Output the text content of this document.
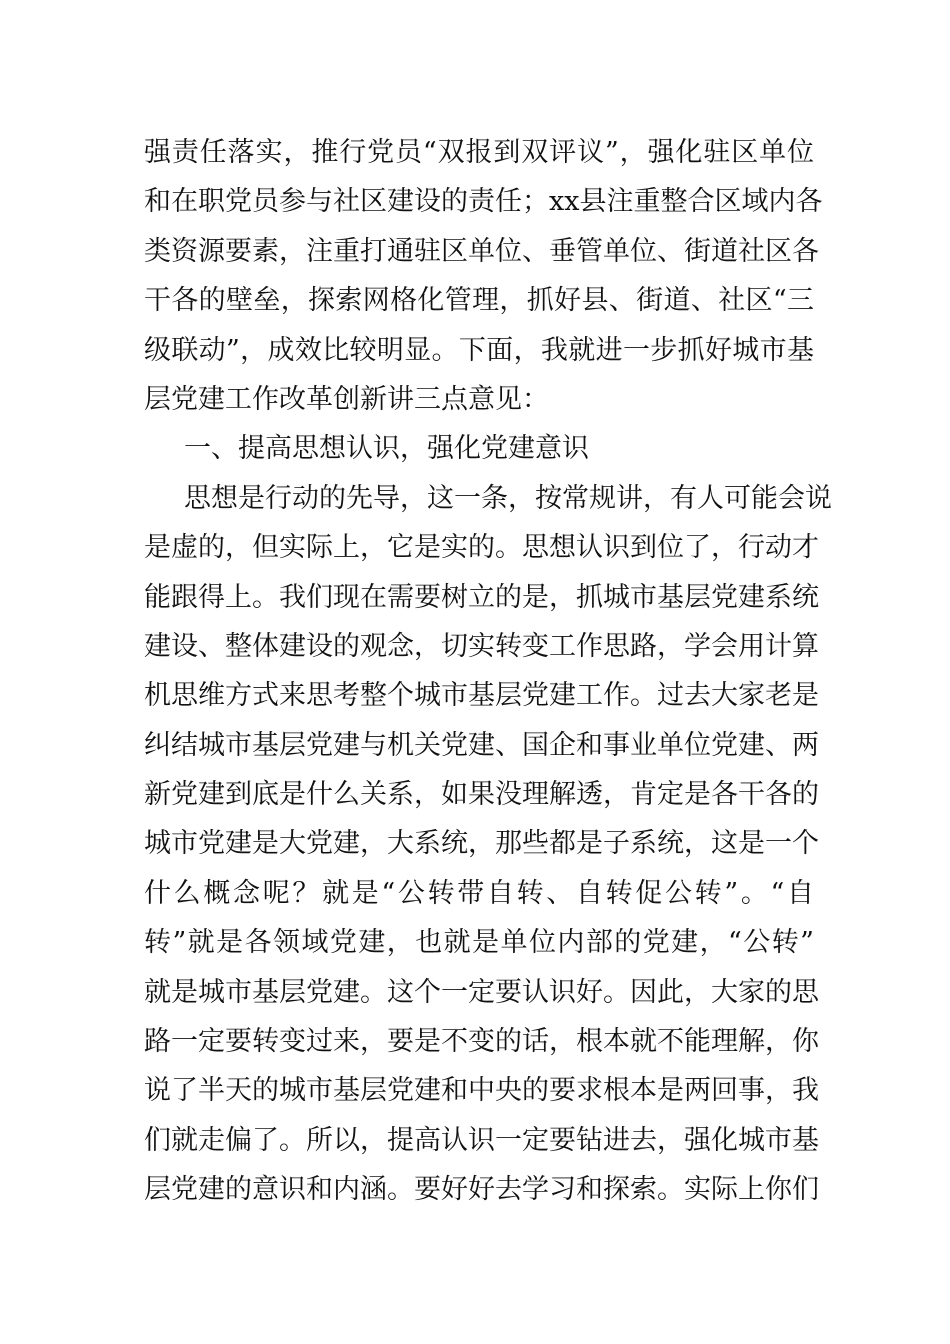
强责任落实，推行党员“双报到双评议”，强化驻区单位
和在职党员参与社区建设的责任；xx县注重整合区域内各
类资源要素，注重打通驻区单位、垂管单位、街道社区各
干各的壁垒，探索网格化管理，抓好县、街道、社区“三
级联动”，成效比较明显。下面，我就进一步抓好城市基
层党建工作改革创新讲三点意见：
一、提高思想认识，强化党建意识
思想是行动的先导，这一条，按常规讲，有人可能会说
是虚的，但实际上，它是实的。思想认识到位了，行动才
能跟得上。我们现在需要树立的是，抓城市基层党建系统
建设、整体建设的观念，切实转变工作思路，学会用计算
机思维方式来思考整个城市基层党建工作。过去大家老是
纠结城市基层党建与机关党建、国企和事业单位党建、两
新党建到底是什么关系，如果没理解透，肯定是各干各的
城市党建是大党建，大系统，那些都是子系统，这是一个
什么概念呢？就是“公转带自转、自转促公转”。“自
转”就是各领域党建，也就是单位内部的党建，“公转”
就是城市基层党建。这个一定要认识好。因此，大家的思
路一定要转变过来，要是不变的话，根本就不能理解，你
说了半天的城市基层党建和中央的要求根本是两回事，我
们就走偏了。所以，提高认识一定要钻进去，强化城市基
层党建的意识和内涵。要好好去学习和探索。实际上你们
